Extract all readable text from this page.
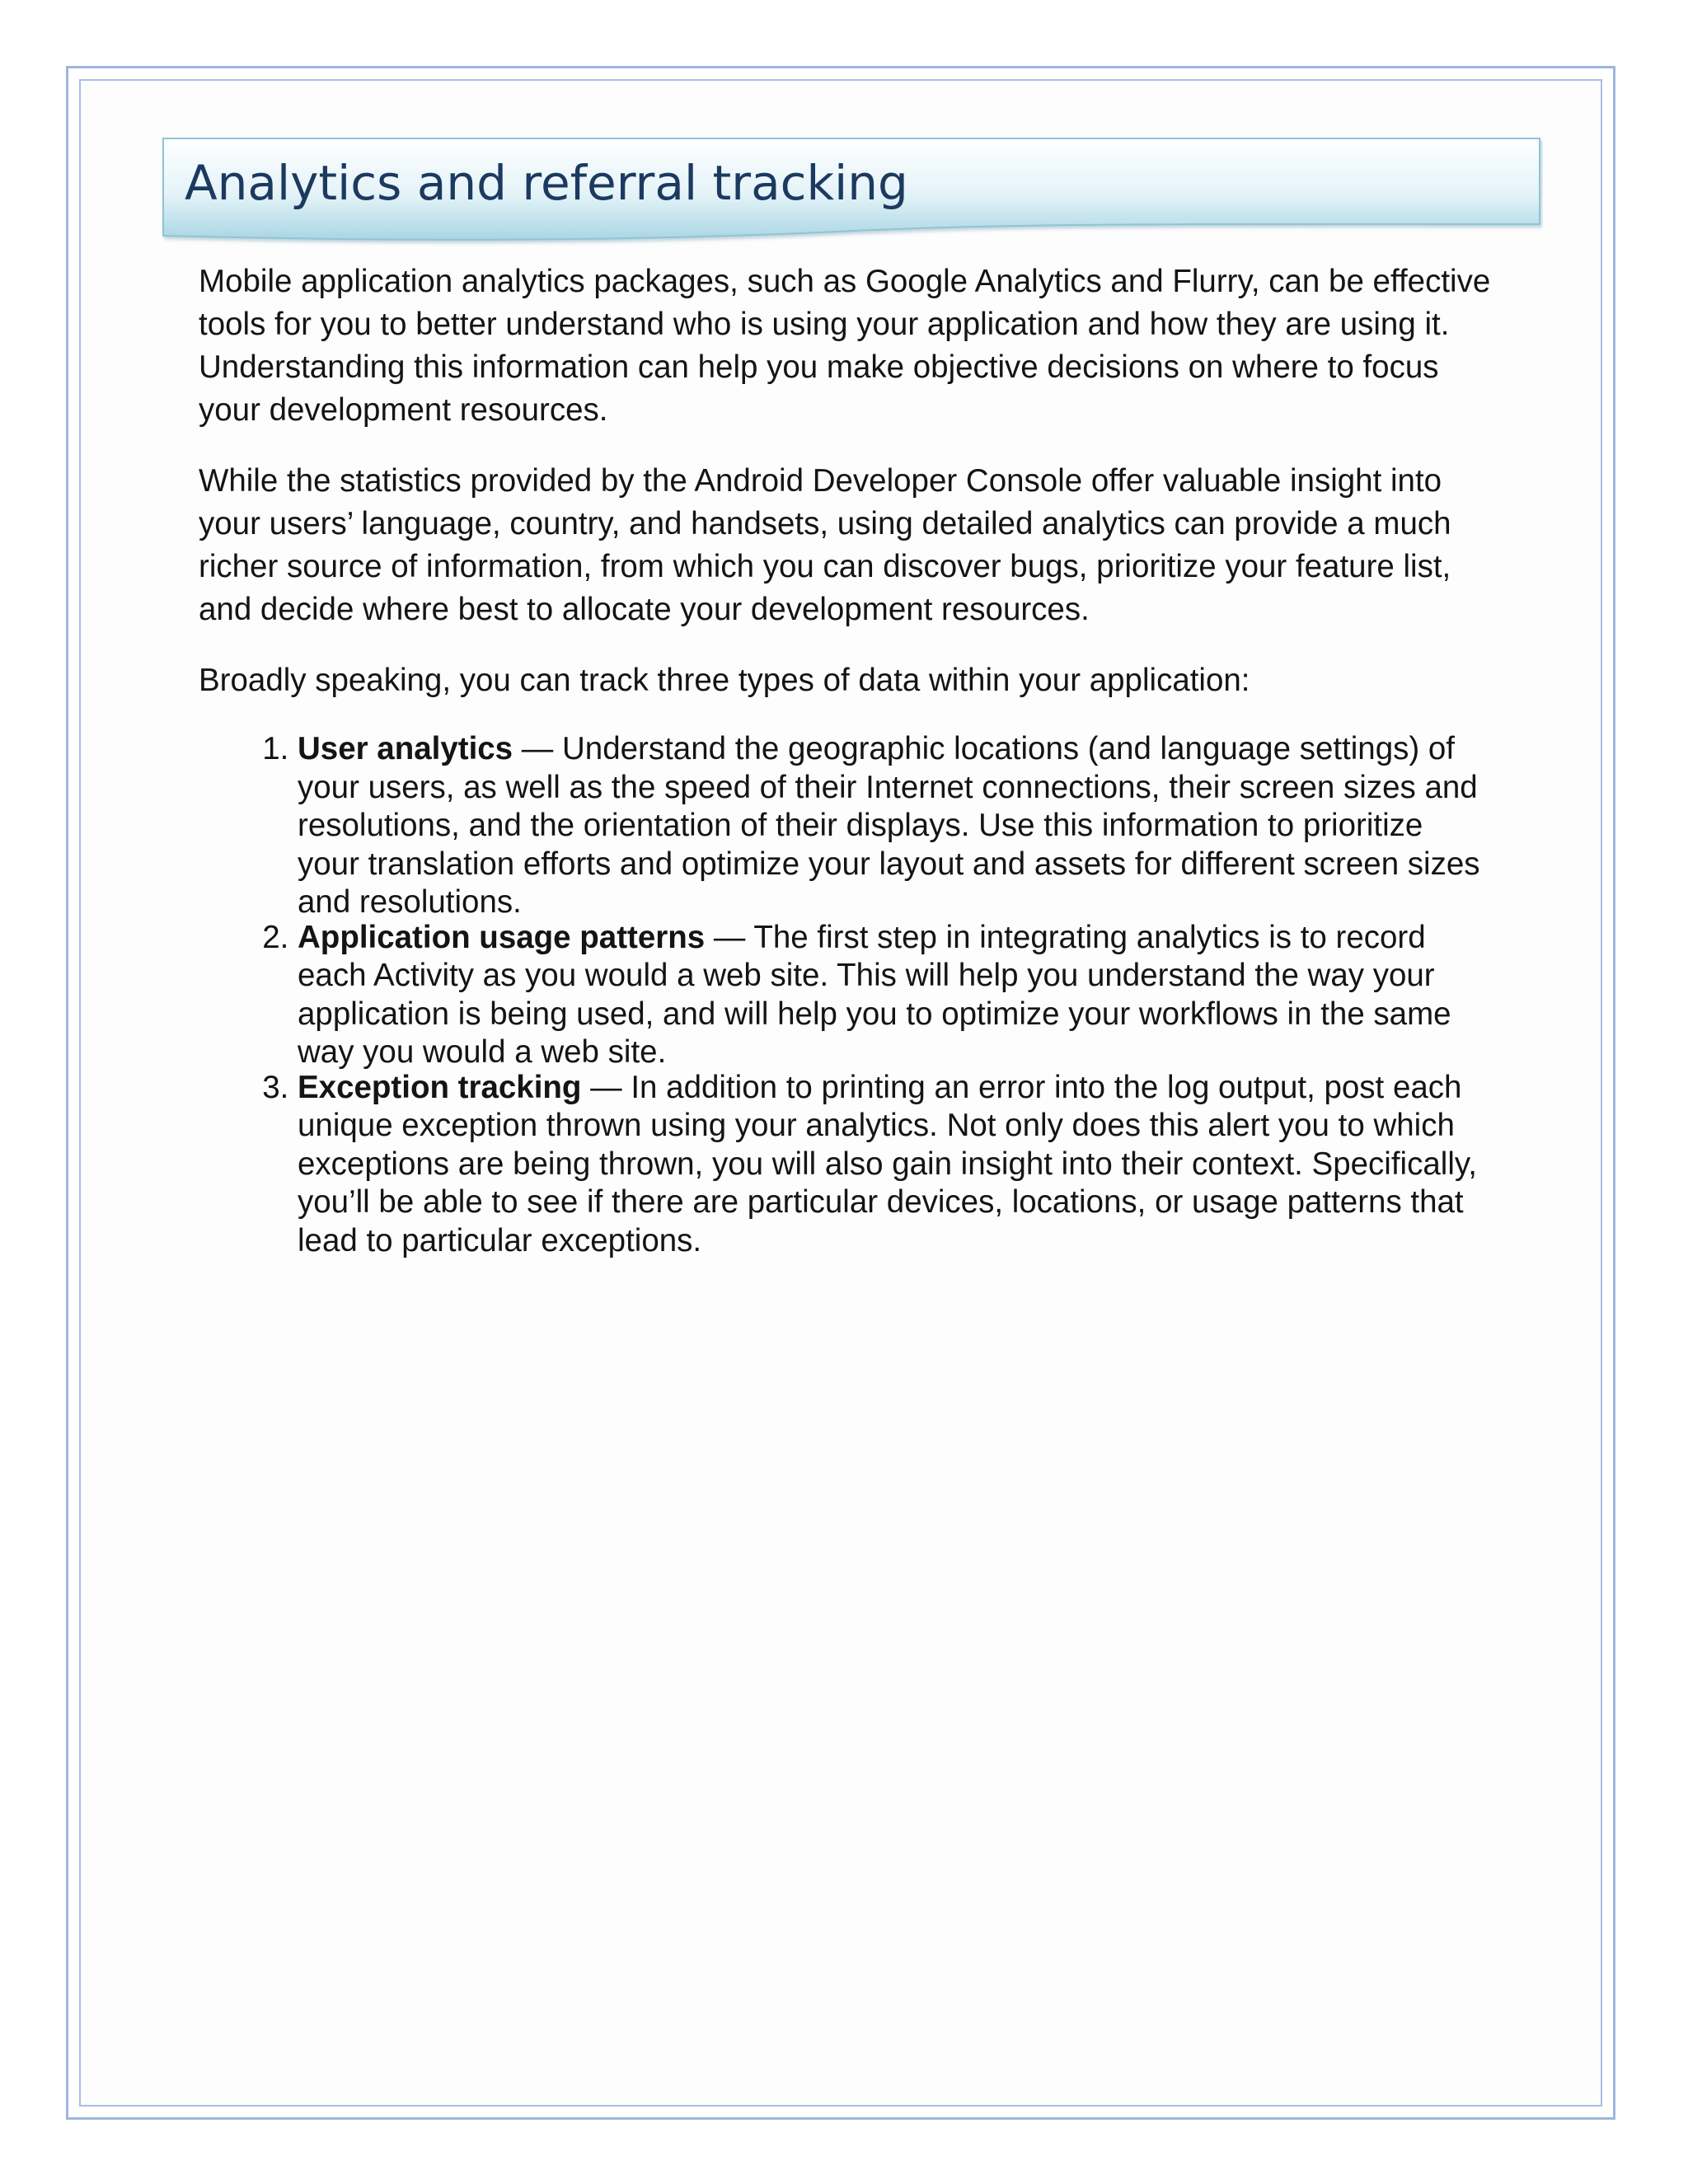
Analytics and referral tracking

Mobile application analytics packages, such as Google Analytics and Flurry, can be effective tools for you to better understand who is using your application and how they are using it. Understanding this information can help you make objective decisions on where to focus your development resources.

While the statistics provided by the Android Developer Console offer valuable insight into your users’ language, country, and handsets, using detailed analytics can provide a much richer source of information, from which you can discover bugs, prioritize your feature list, and decide where best to allocate your development resources.

Broadly speaking, you can track three types of data within your application:

1. User analytics — Understand the geographic locations (and language settings) of your users, as well as the speed of their Internet connections, their screen sizes and resolutions, and the orientation of their displays. Use this information to prioritize your translation efforts and optimize your layout and assets for different screen sizes and resolutions.
2. Application usage patterns — The first step in integrating analytics is to record each Activity as you would a web site. This will help you understand the way your application is being used, and will help you to optimize your workflows in the same way you would a web site.
3. Exception tracking — In addition to printing an error into the log output, post each unique exception thrown using your analytics. Not only does this alert you to which exceptions are being thrown, you will also gain insight into their context. Specifically, you’ll be able to see if there are particular devices, locations, or usage patterns that lead to particular exceptions.
